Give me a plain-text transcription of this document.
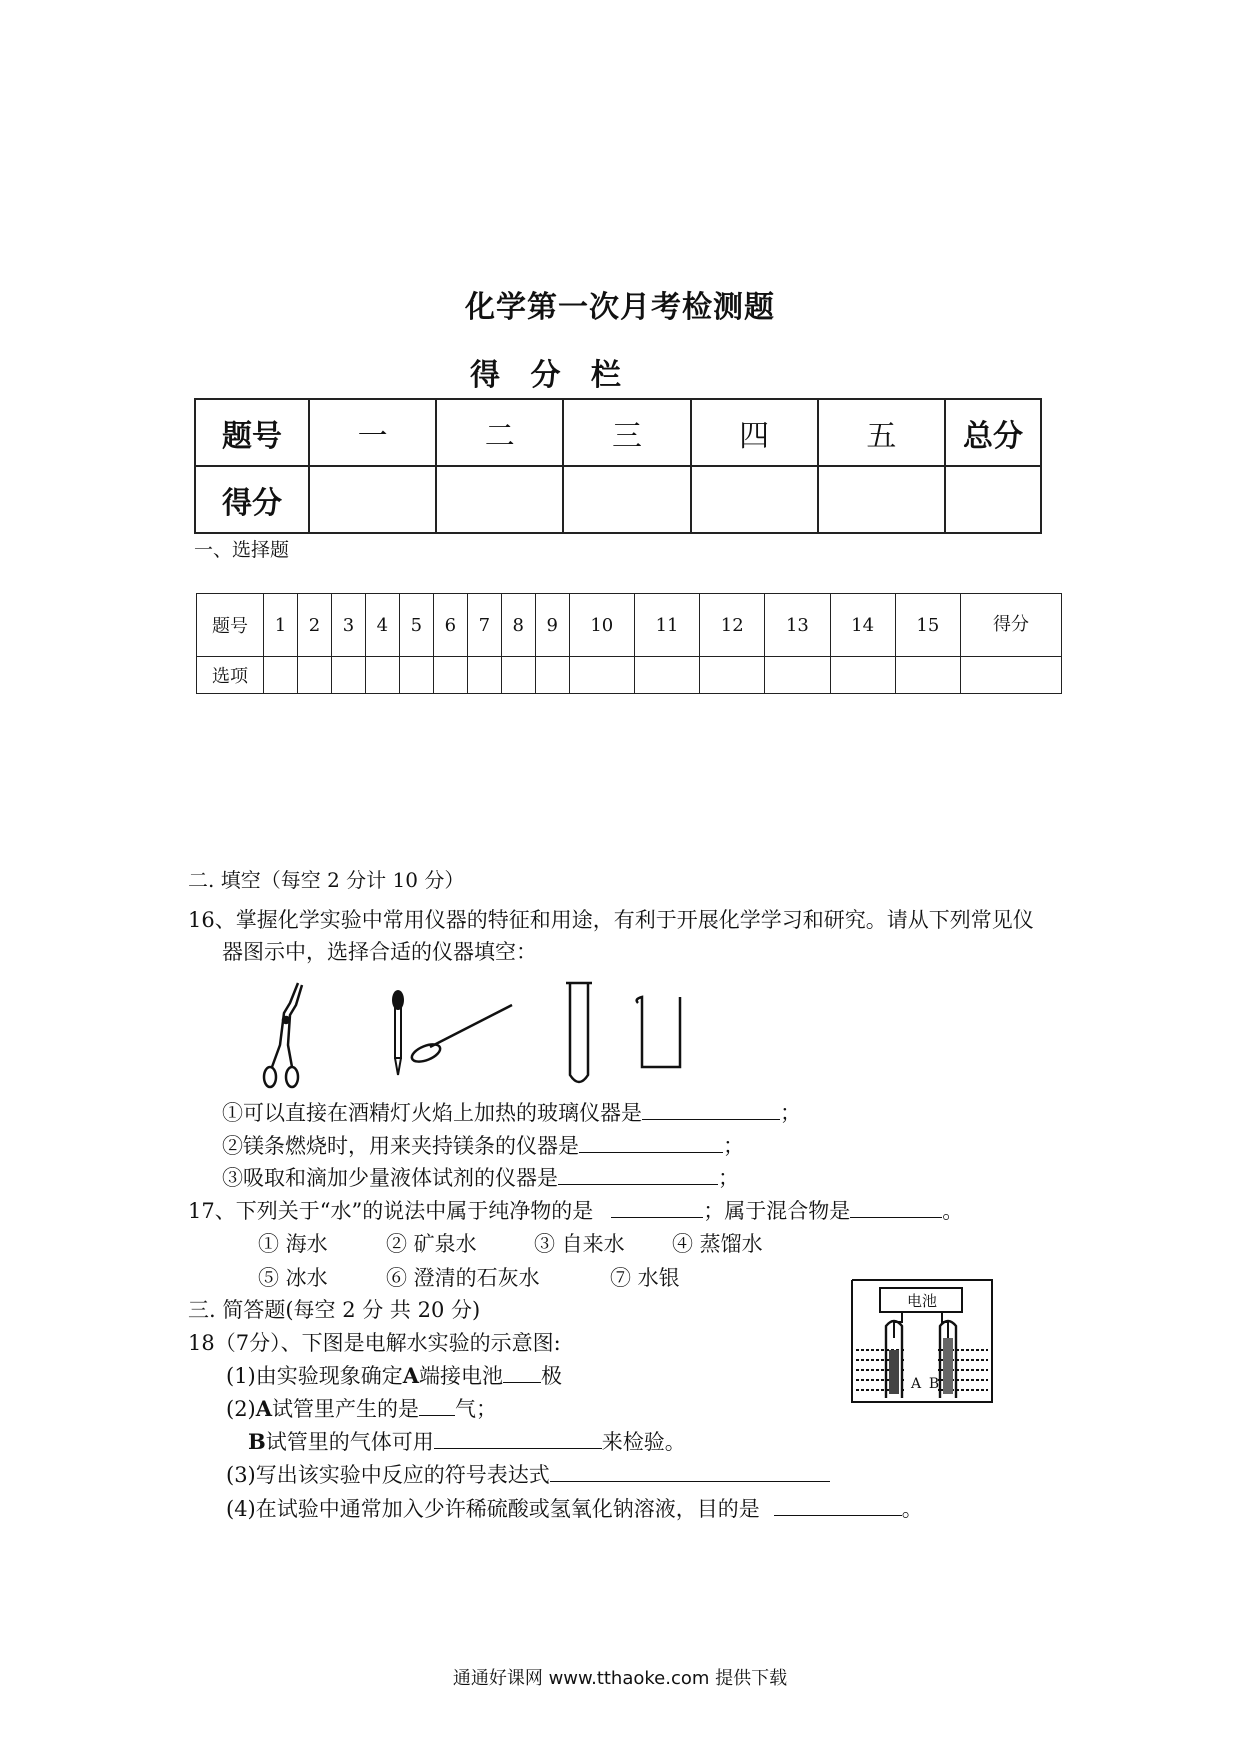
化学第一次月考检测题
得 分 栏
题号	一	二	三	四	五	总分
得分						
一、选择题
题号	1	2	3	4	5	6	7	8	9	10	11	12	13	14	15	得分
选项																
二. 填空（每空 2 分计 10 分）
16、掌握化学实验中常用仪器的特征和用途，有利于开展化学学习和研究。请从下列常见仪
器图示中，选择合适的仪器填空：
①可以直接在酒精灯火焰上加热的玻璃仪器是	；
②镁条燃烧时，用来夹持镁条的仪器是	；
③吸取和滴加少量液体试剂的仪器是	；
17、下列关于“水”的说法中属于纯净物的是	；属于混合物是	。
① 海水	② 矿泉水	③ 自来水 ④ 蒸馏水
⑤ 冰水	⑥ 澄清的石灰水	⑦ 水银
三. 简答题(每空 2 分 共 20 分)
18（7分）、下图是电解水实验的示意图:
(1)由实验现象确定A端接电池 极
(2)A试管里产生的是 气；
B试管里的气体可用	来检验。
(3)写出该实验中反应的符号表达式
(4)在试验中通常加入少许稀硫酸或氢氧化钠溶液，目的是	。
电池
A B
通通好课网 www.tthaoke.com 提供下载
